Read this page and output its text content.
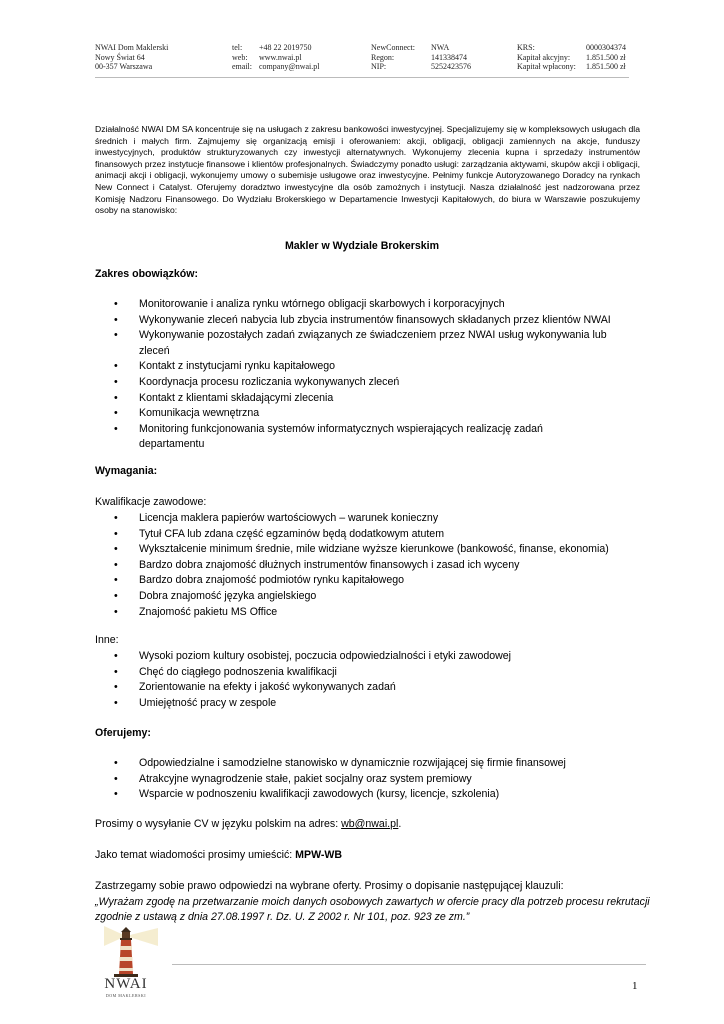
NWAI Dom Maklerski
Nowy Świat 64
00-357 Warszawa
tel:
web:
email:
+48 22 2019750
www.nwai.pl
company@nwai.pl
NewConnect:
Regon:
NIP:
NWA
141338474
5252423576
KRS:
Kapitał akcyjny:
Kapitał wpłacony:
0000304374
1.851.500 zł
1.851.500 zł
Działalność NWAI DM SA koncentruje się na usługach z zakresu bankowości inwestycyjnej. Specjalizujemy się w kompleksowych usługach dla średnich i małych firm. Zajmujemy się organizacją emisji i oferowaniem: akcji, obligacji, obligacji zamiennych na akcje, funduszy inwestycyjnych, produktów strukturyzowanych czy inwestycji alternatywnych. Wykonujemy zlecenia kupna i sprzedaży instrumentów finansowych przez instytucje finansowe i klientów profesjonalnych. Świadczymy ponadto usługi: zarządzania aktywami, skupów akcji i obligacji, animacji akcji i obligacji, wykonujemy umowy o subemisje usługowe oraz inwestycyjne. Pełnimy funkcje Autoryzowanego Doradcy na rynkach New Connect i Catalyst. Oferujemy doradztwo inwestycyjne dla osób zamożnych i instytucji. Nasza działalność jest nadzorowana przez Komisję Nadzoru Finansowego. Do Wydziału Brokerskiego w Departamencie Inwestycji Kapitałowych, do biura w Warszawie poszukujemy osoby na stanowisko:
Makler w Wydziale Brokerskim
Zakres obowiązków:
• Monitorowanie i analiza rynku wtórnego obligacji skarbowych i korporacyjnych
• Wykonywanie zleceń nabycia lub zbycia instrumentów finansowych składanych przez klientów NWAI
• Wykonywanie pozostałych zadań związanych ze świadczeniem przez NWAI usług wykonywania lub zleceń
• Kontakt z instytucjami rynku kapitałowego
• Koordynacja procesu rozliczania wykonywanych zleceń
• Kontakt z klientami składającymi zlecenia
• Komunikacja wewnętrzna
• Monitoring funkcjonowania systemów informatycznych wspierających realizację zadań departamentu
Wymagania:
Kwalifikacje zawodowe:
• Licencja maklera papierów wartościowych – warunek konieczny
• Tytuł CFA lub zdana część egzaminów będą dodatkowym atutem
• Wykształcenie minimum średnie, mile widziane wyższe kierunkowe (bankowość, finanse, ekonomia)
• Bardzo dobra znajomość dłużnych instrumentów finansowych i zasad ich wyceny
• Bardzo dobra znajomość podmiotów rynku kapitałowego
• Dobra znajomość języka angielskiego
• Znajomość pakietu MS Office
Inne:
• Wysoki poziom kultury osobistej, poczucia odpowiedzialności i etyki zawodowej
• Chęć do ciągłego podnoszenia kwalifikacji
• Zorientowanie na efekty i jakość wykonywanych zadań
• Umiejętność pracy w zespole
Oferujemy:
• Odpowiedzialne i samodzielne stanowisko w dynamicznie rozwijającej się firmie finansowej
• Atrakcyjne wynagrodzenie stałe, pakiet socjalny oraz system premiowy
• Wsparcie w podnoszeniu kwalifikacji zawodowych (kursy, licencje, szkolenia)
Prosimy o wysyłanie CV w języku polskim na adres: wb@nwai.pl.
Jako temat wiadomości prosimy umieścić: MPW-WB
Zastrzegamy sobie prawo odpowiedzi na wybrane oferty. Prosimy o dopisanie następującej klauzuli:
„Wyrażam zgodę na przetwarzanie moich danych osobowych zawartych w ofercie pracy dla potrzeb procesu rekrutacji zgodnie z ustawą z dnia 27.08.1997 r. Dz. U. Z 2002 r. Nr 101, poz. 923 ze zm.”
NWAI
DOM MAKLERSKI
1
